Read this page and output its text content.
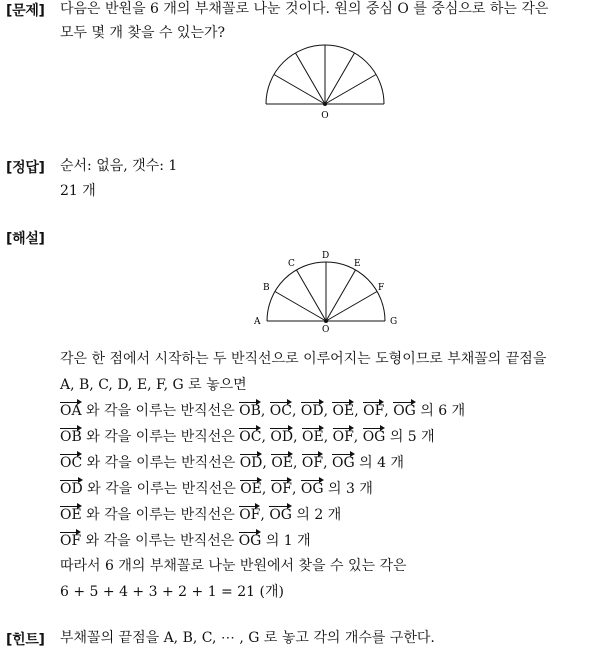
[문제] 다음은 반원을 6 개의 부채꼴로 나눈 것이다. 원의 중심 O 를 중심으로 하는 각은
모두 몇 개 찾을 수 있는가?
O
[정답] 순서: 없음, 갯수: 1
21 개
[해설]
A
B
C
D
E
F
G
O
각은 한 점에서 시작하는 두 반직선으로 이루어지는 도형이므로 부채꼴의 끝점을
A, B, C, D, E, F, G 로 놓으면
OA 와 각을 이루는 반직선은 OB, OC, OD, OE, OF, OG 의 6 개
OB 와 각을 이루는 반직선은 OC, OD, OE, OF, OG 의 5 개
OC 와 각을 이루는 반직선은 OD, OE, OF, OG 의 4 개
OD 와 각을 이루는 반직선은 OE, OF, OG 의 3 개
OE 와 각을 이루는 반직선은 OF, OG 의 2 개
OF 와 각을 이루는 반직선은 OG 의 1 개
따라서 6 개의 부채꼴로 나눈 반원에서 찾을 수 있는 각은
6 + 5 + 4 + 3 + 2 + 1 = 21 (개)
[힌트] 부채꼴의 끝점을 A, B, C, ⋯ , G 로 놓고 각의 개수를 구한다.
